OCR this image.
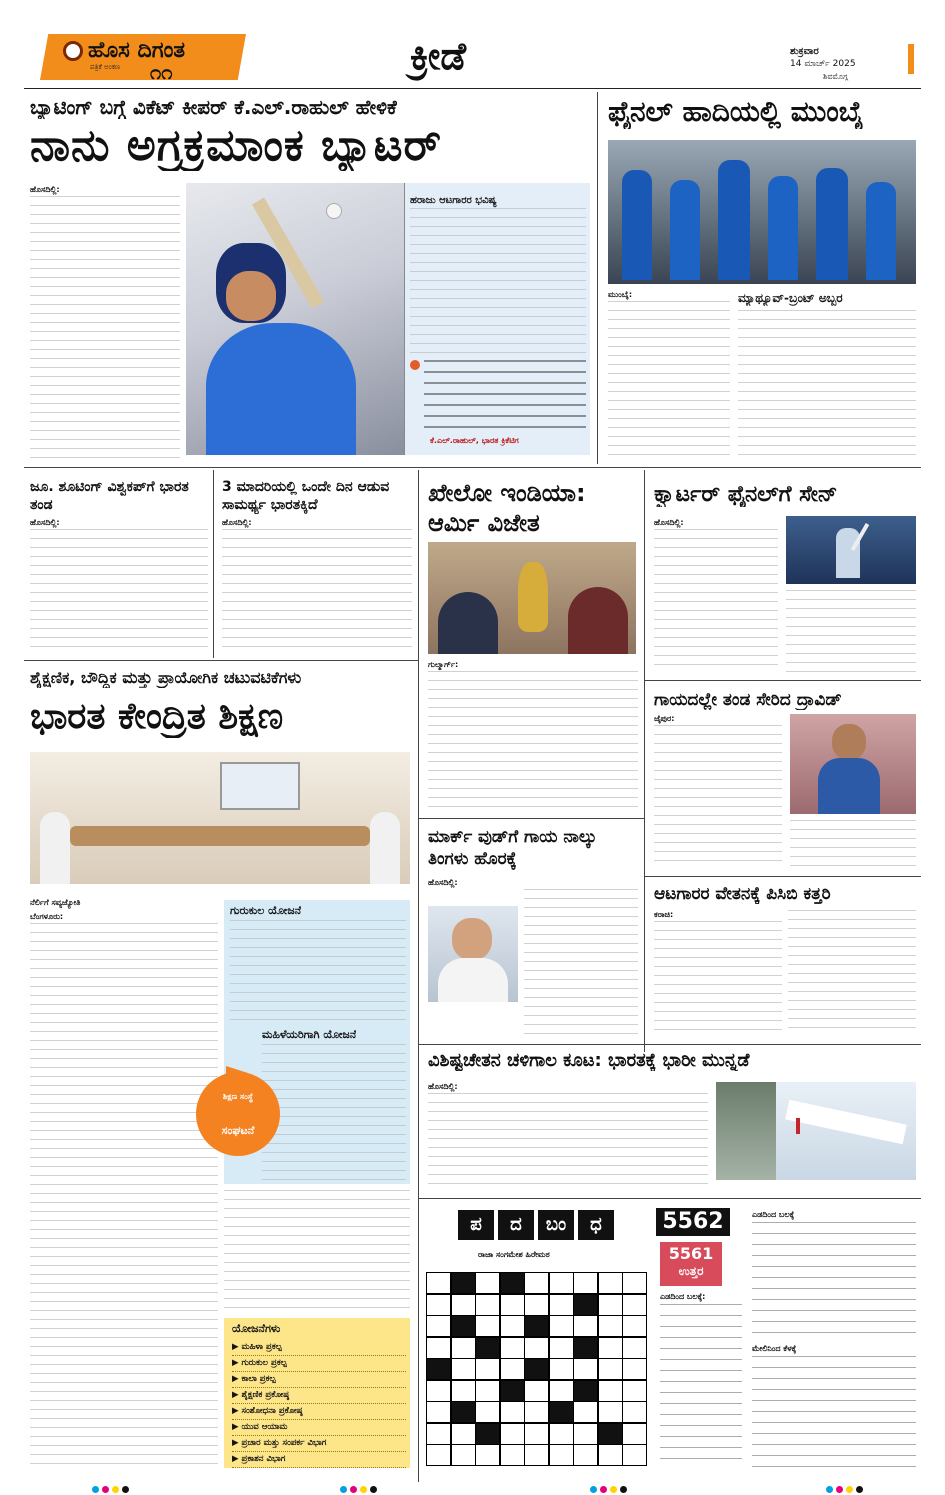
ಹೊಸ ದಿಗಂತ
ಪತ್ರಿಕೆ ಅಂಕಣ ೧೧	ಕ್ರೀಡೆ	ಶುಕ್ರವಾರ
14 ಮಾರ್ಚ್ 2025
ಶಿವಮೊಗ್ಗ
ಬ್ಯಾಟಿಂಗ್ ಬಗ್ಗೆ ವಿಕೆಟ್ ಕೀಪರ್ ಕೆ.ಎಲ್.ರಾಹುಲ್ ಹೇಳಿಕೆ
ನಾನು ಅಗ್ರಕ್ರಮಾಂಕ ಬ್ಯಾಟರ್
ಹೊಸದಿಲ್ಲಿ:
ಹರಾಜು ಆಟಗಾರರ ಭವಿಷ್ಯ
ಕೆ.ಎಲ್.ರಾಹುಲ್, ಭಾರತ ಕ್ರಿಕೆಟಿಗ
ಫೈನಲ್ ಹಾದಿಯಲ್ಲಿ ಮುಂಬೈ
ಮುಂಬೈ:	ಮ್ಯಾಥ್ಯೂವ್-ಬ್ರಂಟ್ ಅಬ್ಬರ
ಜೂ. ಶೂಟಿಂಗ್ ವಿಶ್ವಕಪ್‌ಗೆ ಭಾರತ ತಂಡ
ಹೊಸದಿಲ್ಲಿ:
3 ಮಾದರಿಯಲ್ಲಿ ಒಂದೇ ದಿನ ಆಡುವ ಸಾಮರ್ಥ್ಯ ಭಾರತಕ್ಕಿದೆ
ಹೊಸದಿಲ್ಲಿ:
ಖೇಲೋ ಇಂಡಿಯಾ: ಆರ್ಮಿ ವಿಜೇತ
ಗುಲ್ಮಾರ್ಗ್:
ಕ್ವಾರ್ಟರ್ ಫೈನಲ್‌ಗೆ ಸೇನ್
ಹೊಸದಿಲ್ಲಿ:
ಶೈಕ್ಷಣಿಕ, ಬೌದ್ಧಿಕ ಮತ್ತು ಪ್ರಾಯೋಗಿಕ ಚಟುವಟಿಕೆಗಳು
ಭಾರತ ಕೇಂದ್ರಿತ ಶಿಕ್ಷಣ
ನೆರ್ಲಿಗೆ ಸವ್ಯಜ್ಯೋತಿ
ಬೆಂಗಳೂರು:	ಗುರುಕುಲ ಯೋಜನೆ
ಮಹಿಳೆಯರಿಗಾಗಿ ಯೋಜನೆ
ಶಿಕ್ಷಣ ಸಂಸ್ಥೆ
ಸಂಘಟನೆ
ಯೋಜನೆಗಳು
▶ ಮಹಿಳಾ ಪ್ರಕಲ್ಪ
▶ ಗುರುಕುಲ ಪ್ರಕಲ್ಪ
▶ ಕಾಲಾ ಪ್ರಕಲ್ಪ
▶ ಶೈಕ್ಷಣಿಕ ಪ್ರಕೋಷ್ಠ
▶ ಸಂಶೋಧನಾ ಪ್ರಕೋಷ್ಠ
▶ ಯುವ ಆಯಾಮ
▶ ಪ್ರಚಾರ ಮತ್ತು ಸಂಪರ್ಕ ವಿಭಾಗ
▶ ಪ್ರಕಾಶನ ವಿಭಾಗ
ಮಾರ್ಕ್ ವುಡ್‌ಗೆ ಗಾಯ ನಾಲ್ಕು ತಿಂಗಳು ಹೊರಕ್ಕೆ
ಹೊಸದಿಲ್ಲಿ:
ಗಾಯದಲ್ಲೇ ತಂಡ ಸೇರಿದ ದ್ರಾವಿಡ್
ಜೈಪುರ:
ಆಟಗಾರರ ವೇತನಕ್ಕೆ ಪಿಸಿಬಿ ಕತ್ತರಿ
ಕರಾಚಿ:
ವಿಶಿಷ್ಟಚೇತನ ಚಳಿಗಾಲ ಕೂಟ: ಭಾರತಕ್ಕೆ ಭಾರೀ ಮುನ್ನಡೆ
ಹೊಸದಿಲ್ಲಿ:
ಪ	ದ	ಬಂ	ಧ
ರಾಜಾ ಸಂಗಮೇಶ ಹಿರೇಮಠ
5562
5561
ಉತ್ತರ
ಎಡದಿಂದ ಬಲಕ್ಕೆ:
ಎಡದಿಂದ ಬಲಕ್ಕೆ
ಮೇಲಿನಿಂದ ಕೆಳಕ್ಕೆ
